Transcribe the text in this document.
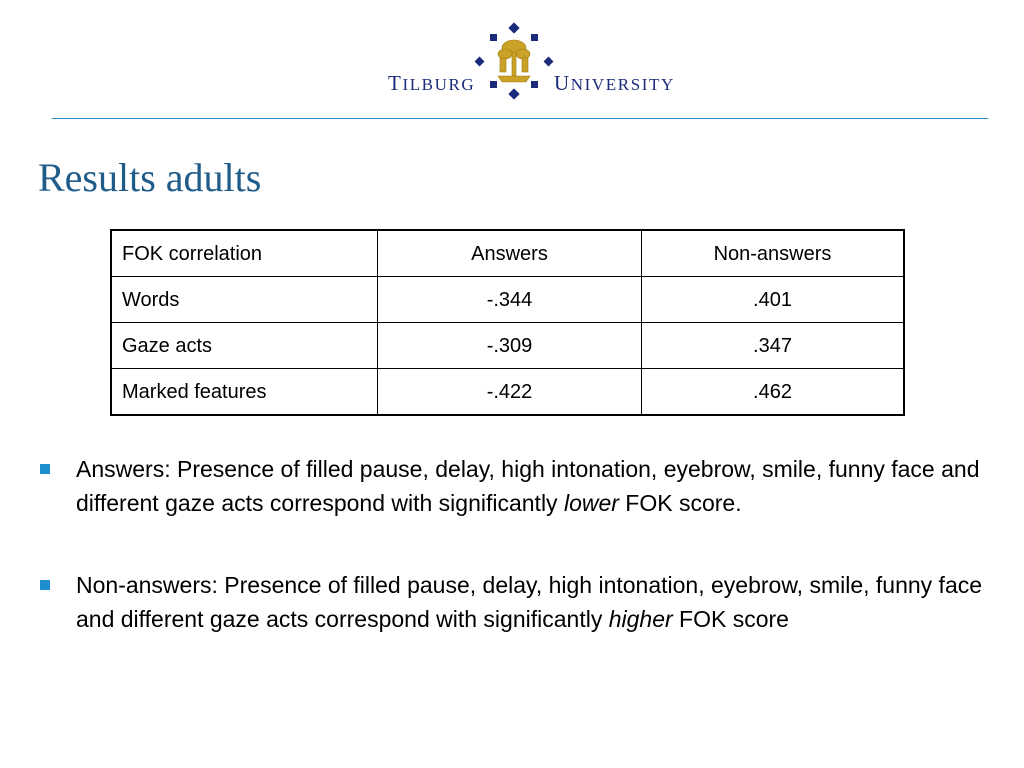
TILBURG	UNIVERSITY
Results adults
FOK correlation	Answers	Non-answers
Words	-.344	.401
Gaze acts	-.309	.347
Marked features	-.422	.462
Answers: Presence of filled pause, delay, high intonation, eyebrow, smile, funny face and different gaze acts correspond with significantly lower FOK score.
Non-answers: Presence of filled pause, delay, high intonation, eyebrow, smile, funny face and different gaze acts correspond with significantly higher FOK score
